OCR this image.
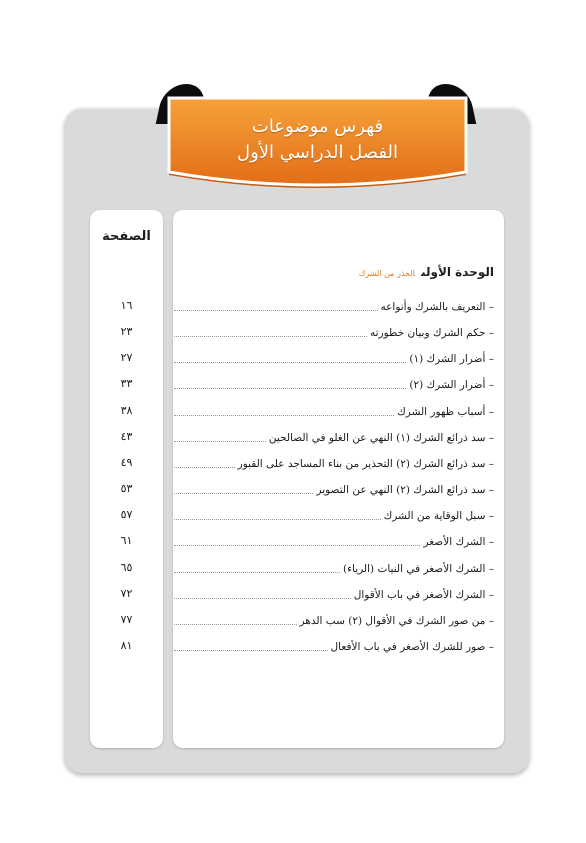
فهرس موضوعات
الفصل الدراسي الأول
الصفحة
١٦
٢٣
٢٧
٣٣
٣٨
٤٣
٤٩
٥٣
٥٧
٦١
٦٥
٧٢
٧٧
٨١
الوحدة الأولىالحذر من الشرك
– التعريف بالشرك وأنواعه
– حكم الشرك وبيان خطورته
– أضرار الشرك (١)
– أضرار الشرك (٢)
– أسباب ظهور الشرك
– سد ذرائع الشرك (١) النهي عن الغلو في الصالحين
– سد ذرائع الشرك (٢) التحذير من بناء المساجد على القبور
– سد ذرائع الشرك (٢) النهي عن التصوير
– سبل الوقاية من الشرك
– الشرك الأصغر
– الشرك الأصغر في النيات (الرياء)
– الشرك الأصغر في باب الأقوال
– من صور الشرك في الأقوال (٢) سب الدهر
– صور للشرك الأصغر في باب الأفعال
